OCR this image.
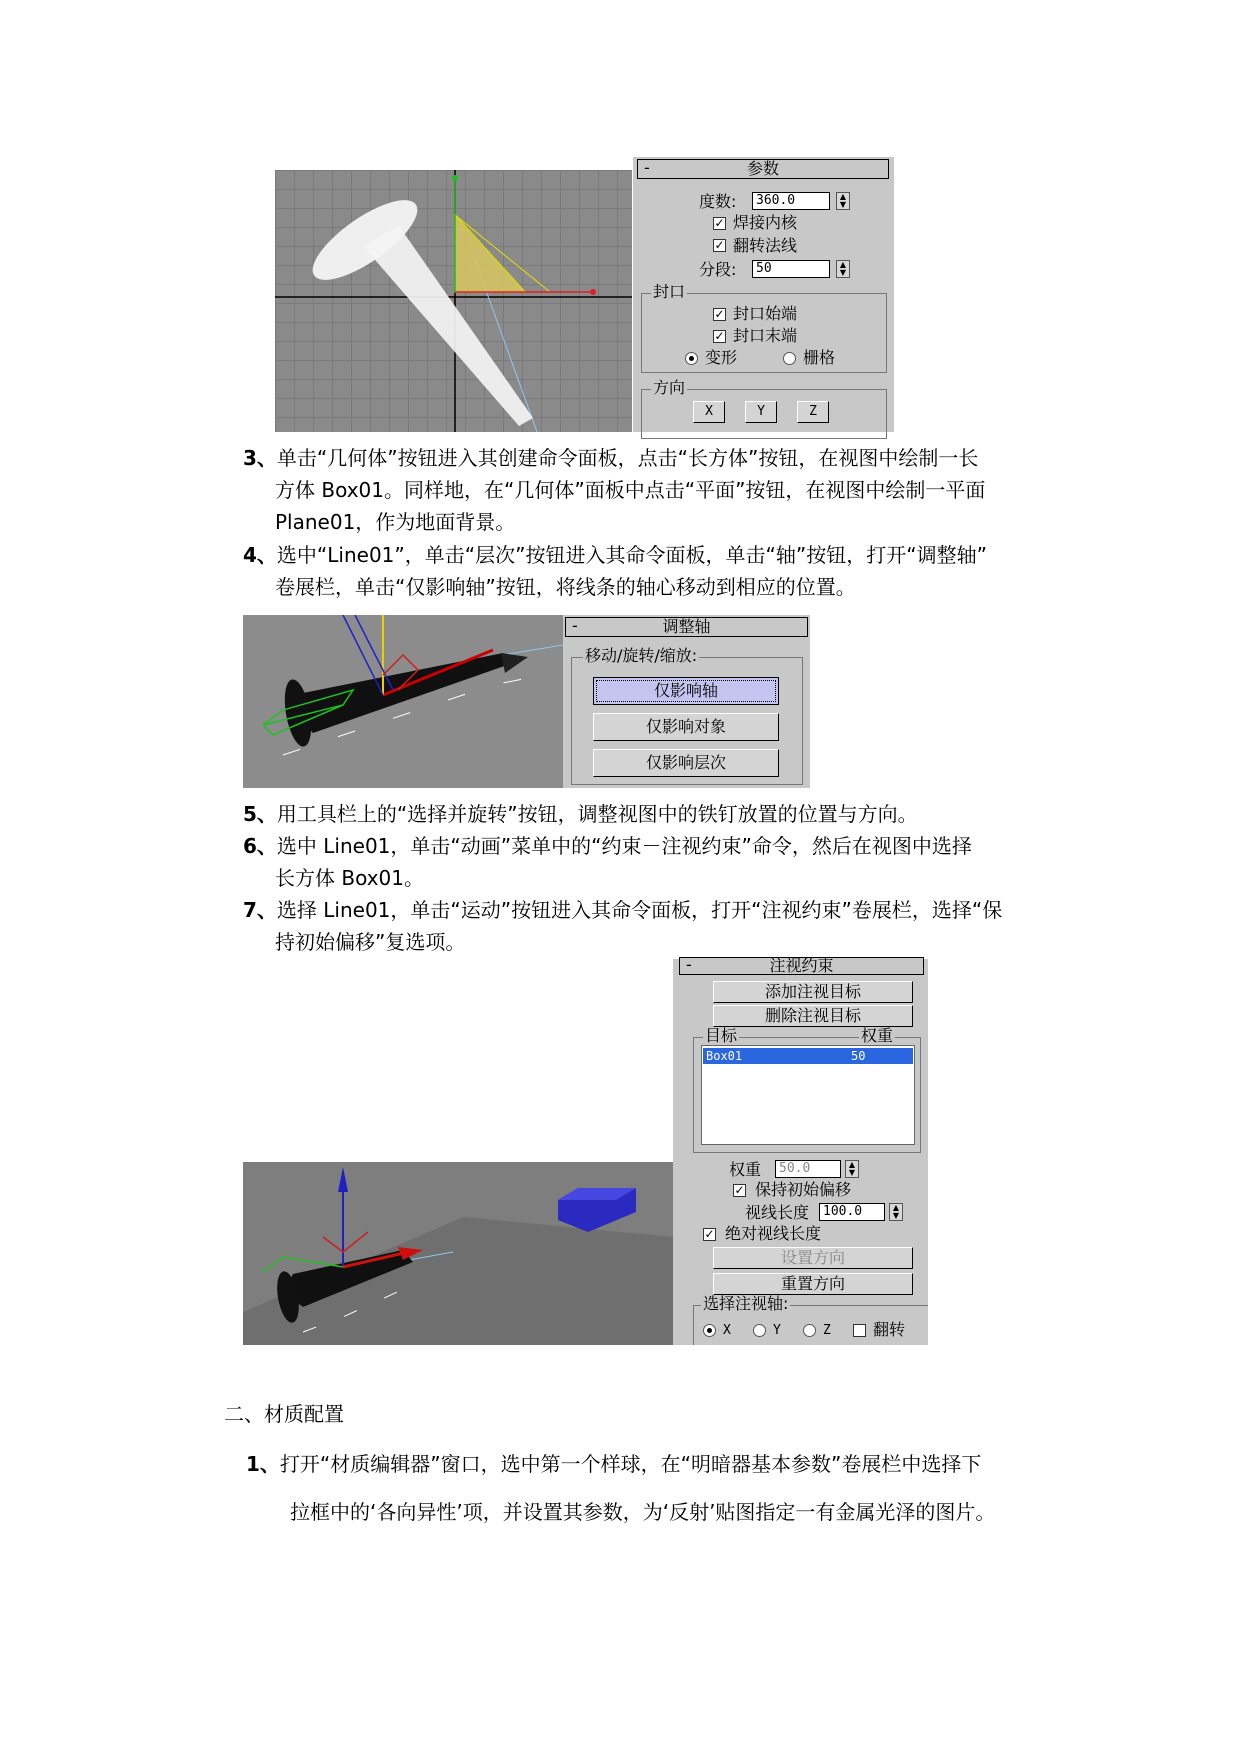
-	参数
度数:	360.0	▲
▼
✓ 焊接内核
✓ 翻转法线
分段:	50	▲
▼
封口
✓ 封口始端
✓ 封口末端
变形	栅格
方向
X	Y	Z
3、单击“几何体”按钮进入其创建命令面板，点击“长方体”按钮，在视图中绘制一长
方体 Box01。同样地，在“几何体”面板中点击“平面”按钮，在视图中绘制一平面
Plane01，作为地面背景。
4、选中“Line01”，单击“层次”按钮进入其命令面板，单击“轴”按钮，打开“调整轴”
卷展栏，单击“仅影响轴”按钮，将线条的轴心移动到相应的位置。
-	调整轴
移动/旋转/缩放:
仅影响轴
仅影响对象
仅影响层次
5、用工具栏上的“选择并旋转”按钮，调整视图中的铁钉放置的位置与方向。
6、选中 Line01，单击“动画”菜单中的“约束－注视约束”命令，然后在视图中选择
长方体 Box01。
7、选择 Line01，单击“运动”按钮进入其命令面板，打开“注视约束”卷展栏，选择“保
持初始偏移”复选项。
-	注视约束
添加注视目标
删除注视目标
目标	权重
Box01	50
权重	50.0	▲
▼
✓ 保持初始偏移
视线长度	100.0	▲
▼
✓ 绝对视线长度
设置方向
重置方向
选择注视轴:
X	Y	Z	翻转
二、材质配置
1、打开“材质编辑器”窗口，选中第一个样球，在“明暗器基本参数”卷展栏中选择下
拉框中的‘各向异性’项，并设置其参数，为‘反射’贴图指定一有金属光泽的图片。
